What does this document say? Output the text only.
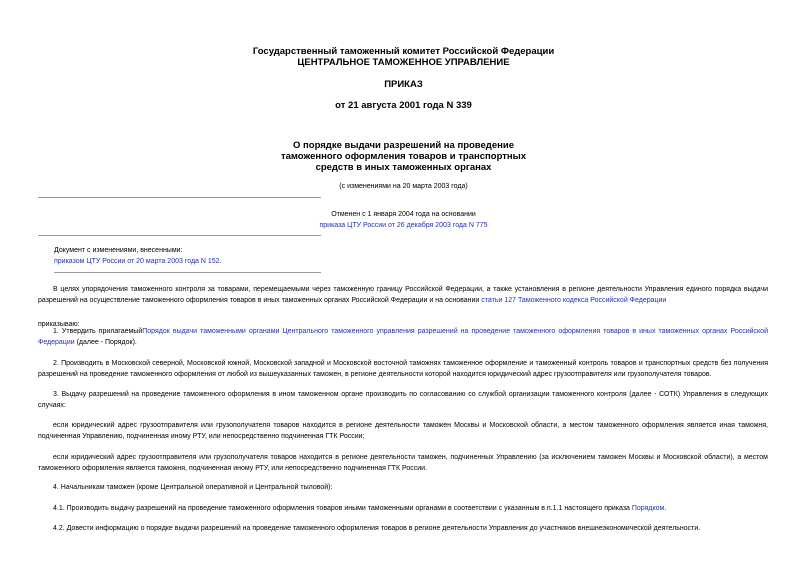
Государственный таможенный комитет Российской Федерации
ЦЕНТРАЛЬНОЕ ТАМОЖЕННОЕ УПРАВЛЕНИЕ
ПРИКАЗ
от 21 августа 2001 года N 339
О порядке выдачи разрешений на проведение
таможенного оформления товаров и транспортных
средств в иных таможенных органах
(с изменениями на 20 марта 2003 года)
Отменен с 1 января 2004 года на основании
приказа ЦТУ России от 26 декабря 2003 года N 775
Документ с изменениями, внесенными:
приказом ЦТУ России от 20 марта 2003 года N 152.
В целях упорядочения таможенного контроля за товарами, перемещаемыми через таможенную границу Российской Федерации, а также установления в регионе деятельности Управления единого порядка выдачи разрешений на осуществление таможенного оформления товаров в иных таможенных органах Российской Федерации и на основании статьи 127 Таможенного кодекса Российской Федерации
приказываю:
1. Утвердить прилагаемыйПорядок выдачи таможенными органами Центрального таможенного управления разрешений на проведение таможенного оформления товаров в иных таможенных органах Российской Федерации (далее - Порядок).
2. Производить в Московской северной, Московской южной, Московской западной и Московской восточной таможнях таможенное оформление и таможенный контроль товаров и транспортных средств без получения разрешений на проведение таможенного оформления от любой из вышеуказанных таможен, в регионе деятельности которой находится юридический адрес грузоотправителя или грузополучателя товаров.
3. Выдачу разрешений на проведение таможенного оформления в ином таможенном органе производить по согласованию со службой организации таможенного контроля (далее - СОТК) Управления в следующих случаях:
если юридический адрес грузоотправителя или грузополучателя товаров находится в регионе деятельности таможен Москвы и Московской области, а местом таможенного оформления является иная таможня, подчиненная Управлению, подчиненная иному РТУ, или непосредственно подчиненная ГТК России;
если юридический адрес грузоотправителя или грузополучателя товаров находится в регионе деятельности таможен, подчиненных Управлению (за исключением таможен Москвы и Московской области), а местом таможенного оформления является таможня, подчиненная иному РТУ, или непосредственно подчиненная ГТК России.
4. Начальникам таможен (кроме Центральной оперативной и Центральной тыловой):
4.1. Производить выдачу разрешений на проведение таможенного оформления товаров иными таможенными органами в соответствии с указанным в п.1.1 настоящего приказа Порядком.
4.2. Довести информацию о порядке выдачи разрешений на проведение таможенного оформления товаров в регионе деятельности Управления до участников внешнеэкономической деятельности.
